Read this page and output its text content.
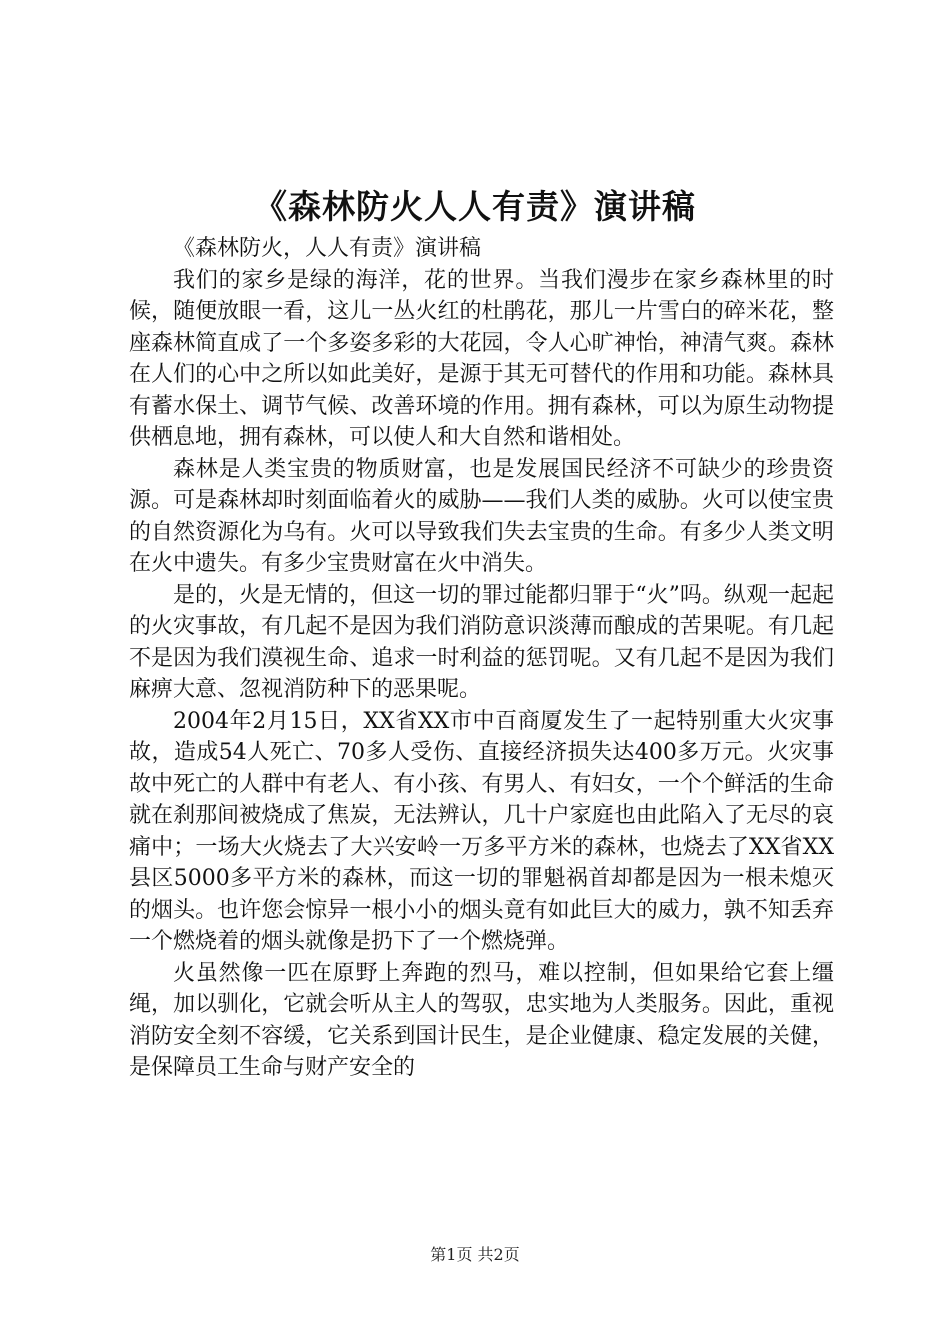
《森林防火人人有责》演讲稿

《森林防火，人人有责》演讲稿

我们的家乡是绿的海洋，花的世界。当我们漫步在家乡森林里的时候，随便放眼一看，这儿一丛火红的杜鹃花，那儿一片雪白的碎米花，整座森林简直成了一个多姿多彩的大花园，令人心旷神怡，神清气爽。森林在人们的心中之所以如此美好，是源于其无可替代的作用和功能。森林具有蓄水保土、调节气候、改善环境的作用。拥有森林，可以为原生动物提供栖息地，拥有森林，可以使人和大自然和谐相处。

森林是人类宝贵的物质财富，也是发展国民经济不可缺少的珍贵资源。可是森林却时刻面临着火的威胁——我们人类的威胁。火可以使宝贵的自然资源化为乌有。火可以导致我们失去宝贵的生命。有多少人类文明在火中遗失。有多少宝贵财富在火中消失。

是的，火是无情的，但这一切的罪过能都归罪于“火”吗。纵观一起起的火灾事故，有几起不是因为我们消防意识淡薄而酿成的苦果呢。有几起不是因为我们漠视生命、追求一时利益的惩罚呢。又有几起不是因为我们麻痹大意、忽视消防种下的恶果呢。

2004年2月15日，XX省XX市中百商厦发生了一起特别重大火灾事故，造成54人死亡、70多人受伤、直接经济损失达400多万元。火灾事故中死亡的人群中有老人、有小孩、有男人、有妇女，一个个鲜活的生命就在刹那间被烧成了焦炭，无法辨认，几十户家庭也由此陷入了无尽的哀痛中；一场大火烧去了大兴安岭一万多平方米的森林，也烧去了XX省XX县区5000多平方米的森林，而这一切的罪魁祸首却都是因为一根未熄灭的烟头。也许您会惊异一根小小的烟头竟有如此巨大的威力，孰不知丢弃一个燃烧着的烟头就像是扔下了一个燃烧弹。

火虽然像一匹在原野上奔跑的烈马，难以控制，但如果给它套上缰绳，加以驯化，它就会听从主人的驾驭，忠实地为人类服务。因此，重视消防安全刻不容缓，它关系到国计民生，是企业健康、稳定发展的关健，是保障员工生命与财产安全的

第1页 共2页
